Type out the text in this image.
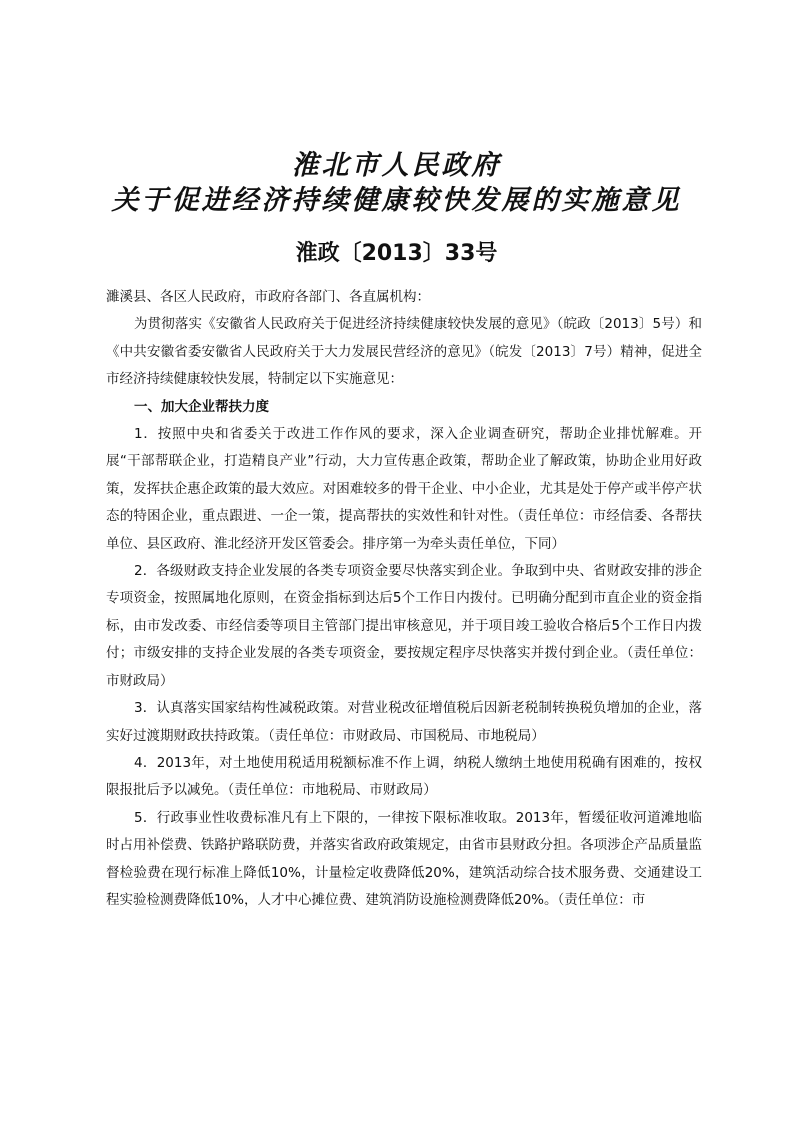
淮北市人民政府
关于促进经济持续健康较快发展的实施意见
淮政〔2013〕33号

濉溪县、各区人民政府，市政府各部门、各直属机构：

为贯彻落实《安徽省人民政府关于促进经济持续健康较快发展的意见》（皖政〔2013〕5号）和《中共安徽省委安徽省人民政府关于大力发展民营经济的意见》（皖发〔2013〕7号）精神，促进全市经济持续健康较快发展，特制定以下实施意见：

一、加大企业帮扶力度

1．按照中央和省委关于改进工作作风的要求，深入企业调查研究，帮助企业排忧解难。开展“干部帮联企业，打造精良产业”行动，大力宣传惠企政策，帮助企业了解政策，协助企业用好政策，发挥扶企惠企政策的最大效应。对困难较多的骨干企业、中小企业，尤其是处于停产或半停产状态的特困企业，重点跟进、一企一策，提高帮扶的实效性和针对性。（责任单位：市经信委、各帮扶单位、县区政府、淮北经济开发区管委会。排序第一为牵头责任单位，下同）

2．各级财政支持企业发展的各类专项资金要尽快落实到企业。争取到中央、省财政安排的涉企专项资金，按照属地化原则，在资金指标到达后5个工作日内拨付。已明确分配到市直企业的资金指标，由市发改委、市经信委等项目主管部门提出审核意见，并于项目竣工验收合格后5个工作日内拨付；市级安排的支持企业发展的各类专项资金，要按规定程序尽快落实并拨付到企业。（责任单位：市财政局）

3．认真落实国家结构性减税政策。对营业税改征增值税后因新老税制转换税负增加的企业，落实好过渡期财政扶持政策。（责任单位：市财政局、市国税局、市地税局）

4．2013年，对土地使用税适用税额标准不作上调，纳税人缴纳土地使用税确有困难的，按权限报批后予以减免。（责任单位：市地税局、市财政局）

5．行政事业性收费标准凡有上下限的，一律按下限标准收取。2013年，暂缓征收河道滩地临时占用补偿费、铁路护路联防费，并落实省政府政策规定，由省市县财政分担。各项涉企产品质量监督检验费在现行标准上降低10%，计量检定收费降低20%，建筑活动综合技术服务费、交通建设工程实验检测费降低10%，人才中心摊位费、建筑消防设施检测费降低20%。（责任单位：市
